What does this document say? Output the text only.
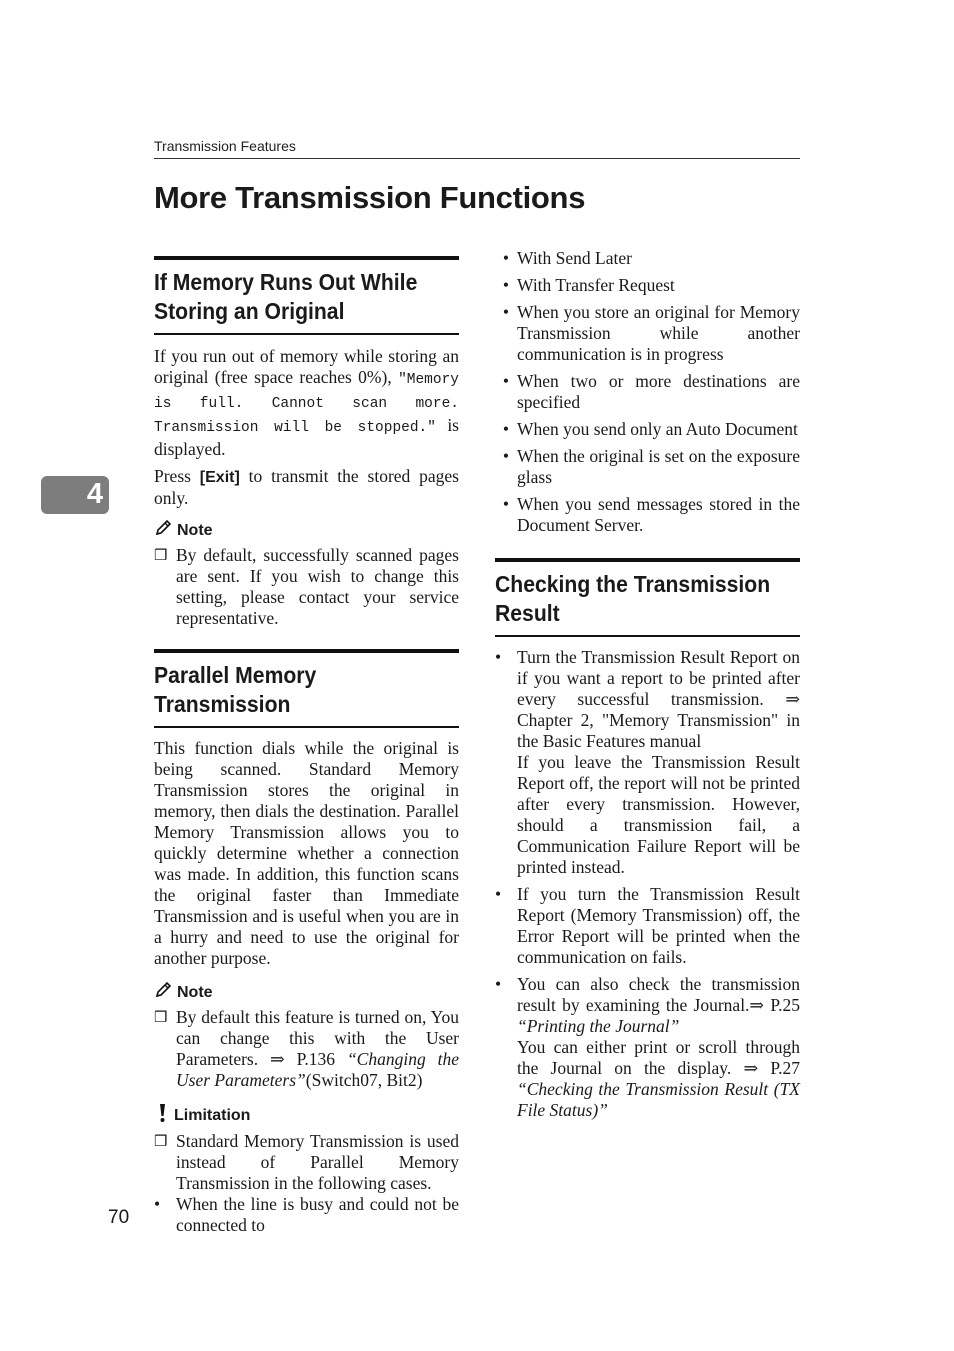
Transmission Features
More Transmission Functions
4
If Memory Runs Out While
Storing an Original

If you run out of memory while storing an original (free space reaches 0%), "Memory is full. Cannot scan more. Transmission will be stopped." is displayed.

Press [Exit] to transmit the stored pages only.

Note
❒ By default, successfully scanned pages are sent. If you wish to change this setting, please contact your service representative.
Parallel Memory Transmission

This function dials while the original is being scanned. Standard Memory Transmission stores the original in memory, then dials the destination. Parallel Memory Transmission allows you to quickly determine whether a connection was made. In addition, this function scans the original faster than Immediate Transmission and is useful when you are in a hurry and need to use the original for another purpose.

Note
❒ By default this feature is turned on, You can change this with the User Parameters. ⇒ P.136 “Changing the User Parameters”(Switch07, Bit2)
Limitation
❒ Standard Memory Transmission is used instead of Parallel Memory Transmission in the following cases.
• When the line is busy and could not be connected to
• With Send Later
• With Transfer Request
• When you store an original for Memory Transmission while another communication is in progress
• When two or more destinations are specified
• When you send only an Auto Document
• When the original is set on the exposure glass
• When you send messages stored in the Document Server.
Checking the Transmission
Result
• Turn the Transmission Result Report on if you want a report to be printed after every successful transmission. ⇒ Chapter 2, "Memory Transmission" in the Basic Features manual
If you leave the Transmission Result Report off, the report will not be printed after every transmission. However, should a transmission fail, a Communication Failure Report will be printed instead.
• If you turn the Transmission Result Report (Memory Transmission) off, the Error Report will be printed when the communication on fails.
• You can also check the transmission result by examining the Journal.⇒ P.25 “Printing the Journal”
You can either print or scroll through the Journal on the display. ⇒ P.27 “Checking the Transmission Result (TX File Status)”
70
